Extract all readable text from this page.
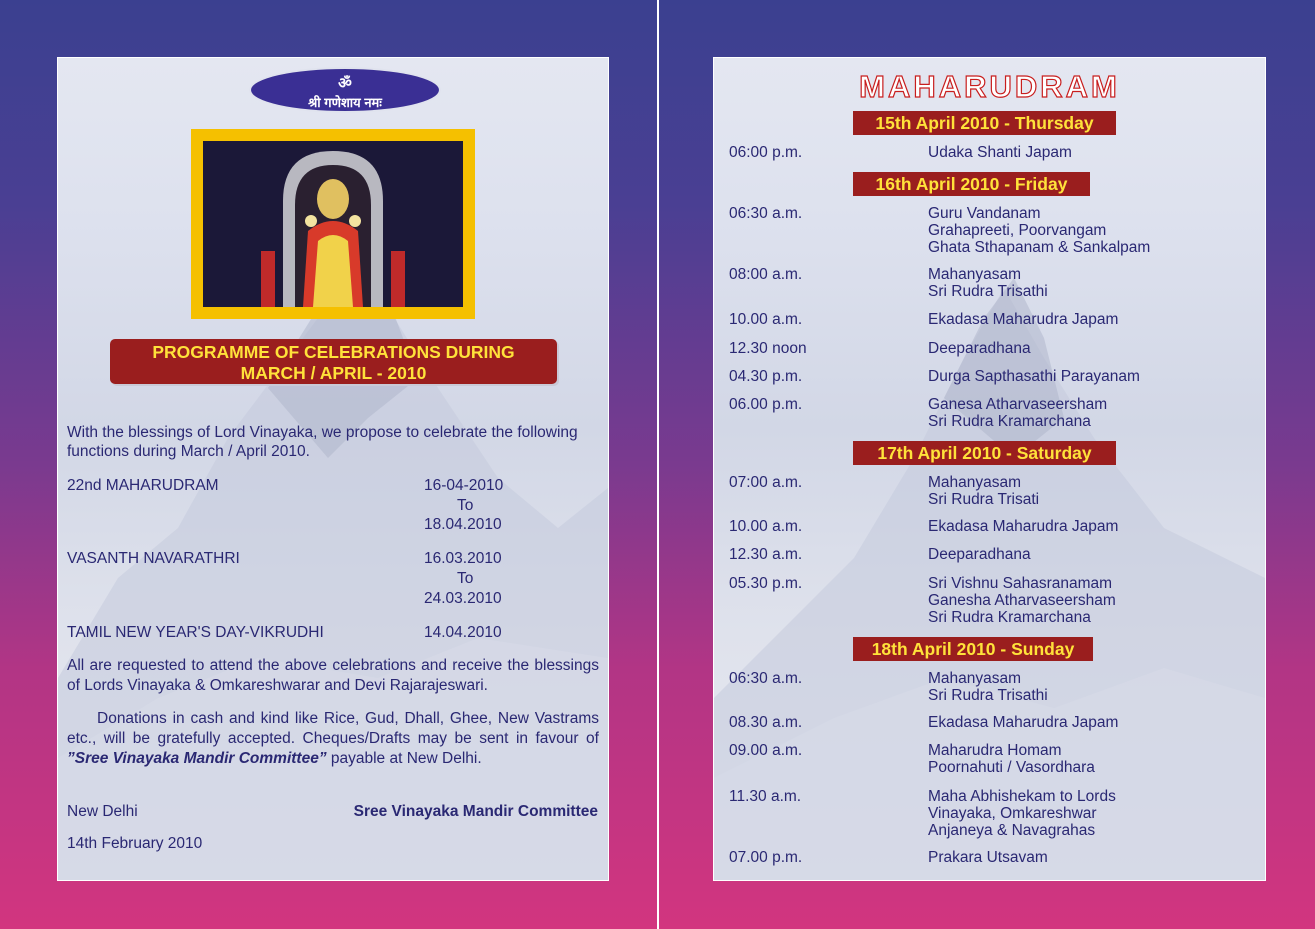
ॐ
श्री गणेशाय नमः
PROGRAMME OF CELEBRATIONS DURING
MARCH / APRIL - 2010
With the blessings of Lord Vinayaka, we propose to celebrate the following
functions during March / April 2010.
22nd MAHARUDRAM	16-04-2010
To
18.04.2010
VASANTH NAVARATHRI	16.03.2010
To
24.03.2010
TAMIL NEW YEAR'S DAY-VIKRUDHI	14.04.2010
All are requested to attend the above celebrations and receive the blessings of Lords Vinayaka & Omkareshwarar and Devi Rajarajeswari.
Donations in cash and kind like Rice, Gud, Dhall, Ghee, New Vastrams etc., will be gratefully accepted. Cheques/Drafts may be sent in favour of ”Sree Vinayaka Mandir Committee” payable at New Delhi.
New Delhi	Sree Vinayaka Mandir Committee
14th February 2010
MAHARUDRAM
15th April 2010 - Thursday
06:00 p.m.	Udaka Shanti Japam
16th April 2010 - Friday
06:30 a.m.	Guru Vandanam
Grahapreeti, Poorvangam
Ghata Sthapanam & Sankalpam
08:00 a.m.	Mahanyasam
Sri Rudra Trisathi
10.00 a.m.	Ekadasa Maharudra Japam
12.30 noon	Deeparadhana
04.30 p.m.	Durga Sapthasathi Parayanam
06.00 p.m.	Ganesa Atharvaseersham
Sri Rudra Kramarchana
17th April 2010 - Saturday
07:00 a.m.	Mahanyasam
Sri Rudra Trisati
10.00 a.m.	Ekadasa Maharudra Japam
12.30 a.m.	Deeparadhana
05.30 p.m.	Sri Vishnu Sahasranamam
Ganesha Atharvaseersham
Sri Rudra Kramarchana
18th April 2010 - Sunday
06:30 a.m.	Mahanyasam
Sri Rudra Trisathi
08.30 a.m.	Ekadasa Maharudra Japam
09.00 a.m.	Maharudra Homam
Poornahuti / Vasordhara
11.30 a.m.	Maha Abhishekam to Lords
Vinayaka, Omkareshwar
Anjaneya & Navagrahas
07.00 p.m.	Prakara Utsavam
